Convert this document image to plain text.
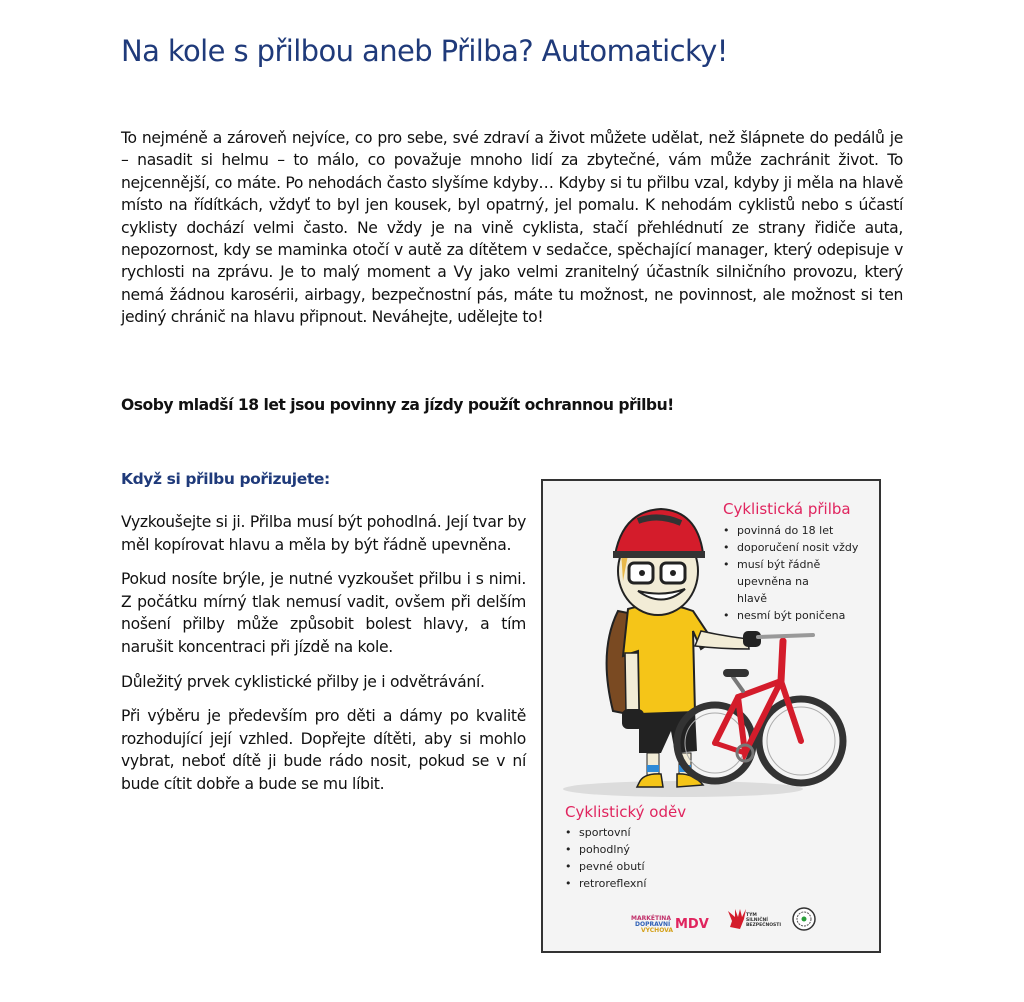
Na kole s přilbou aneb Přilba? Automaticky!
To nejméně a zároveň nejvíce, co pro sebe, své zdraví a život můžete udělat, než šlápnete do pedálů je – nasadit si helmu – to málo, co považuje mnoho lidí za zbytečné, vám může zachránit život. To nejcennější, co máte. Po nehodách často slyšíme kdyby… Kdyby si tu přilbu vzal, kdyby ji měla na hlavě místo na řídítkách, vždyť to byl jen kousek, byl opatrný, jel pomalu. K nehodám cyklistů nebo s účastí cyklisty dochází velmi často. Ne vždy je na vině cyklista, stačí přehlédnutí ze strany řidiče auta, nepozornost, kdy se maminka otočí v autě za dítětem v sedačce, spěchající manager, který odepisuje v rychlosti na zprávu. Je to malý moment a Vy jako velmi zranitelný účastník silničního provozu, který nemá žádnou karosérii, airbagy, bezpečnostní pás, máte tu možnost, ne povinnost, ale možnost si ten jediný chránič na hlavu připnout. Neváhejte, udělejte to!
Osoby mladší 18 let jsou povinny za jízdy použít ochrannou přilbu!
Když si přilbu pořizujete:

Vyzkoušejte si ji. Přilba musí být pohodlná. Její tvar by měl kopírovat hlavu a měla by být řádně upevněna.

Pokud nosíte brýle, je nutné vyzkoušet přilbu i s nimi. Z počátku mírný tlak nemusí vadit, ovšem při delším nošení přilby může způsobit bolest hlavy, a tím narušit koncentraci při jízdě na kole.

Důležitý prvek cyklistické přilby je i odvětrávání.

Při výběru je především pro děti a dámy po kvalitě rozhodující její vzhled. Dopřejte dítěti, aby si mohlo vybrat, neboť dítě ji bude rádo nosit, pokud se v ní bude cítit dobře a bude se mu líbit.

Cyklistická přilba
• povinná do 18 let
• doporučení nosit vždy
• musí být řádně upevněna na hlavě
• nesmí být poničena
Cyklistický oděv
• sportovní
• pohodlný
• pevné obutí
• retroreflexní
MARKÉTINA
DOPRAVNÍ
VÝCHOVA MDV
TÝM
SILNIČNÍ
BEZPEČNOSTI
